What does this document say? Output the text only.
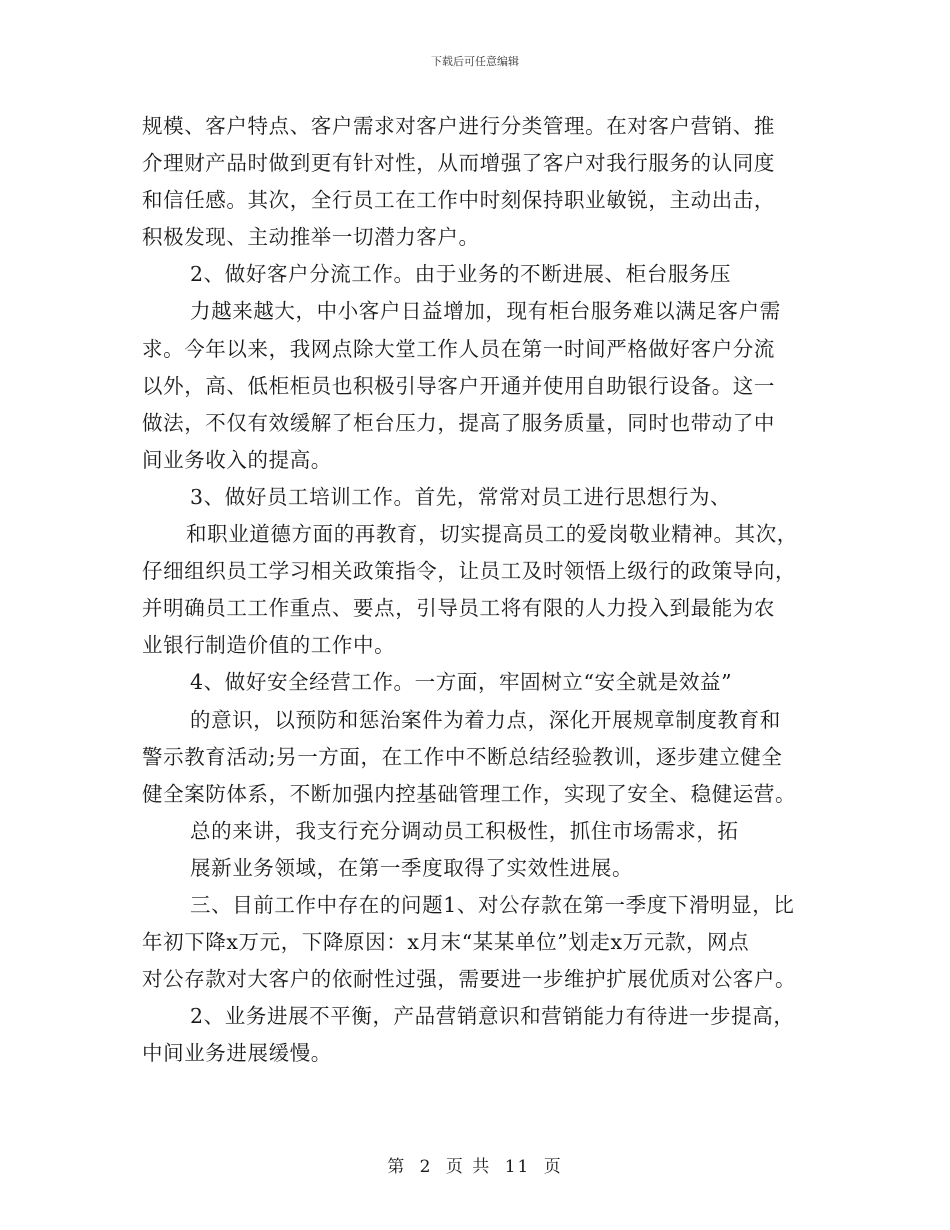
下载后可任意编辑
规模、客户特点、客户需求对客户进行分类管理。在对客户营销、推
介理财产品时做到更有针对性，从而增强了客户对我行服务的认同度
和信任感。其次，全行员工在工作中时刻保持职业敏锐，主动出击，
积极发现、主动推举一切潜力客户。
2、做好客户分流工作。由于业务的不断进展、柜台服务压
力越来越大，中小客户日益增加，现有柜台服务难以满足客户需
求。今年以来，我网点除大堂工作人员在第一时间严格做好客户分流
以外，高、低柜柜员也积极引导客户开通并使用自助银行设备。这一
做法，不仅有效缓解了柜台压力，提高了服务质量，同时也带动了中
间业务收入的提高。
3、做好员工培训工作。首先，常常对员工进行思想行为、
和职业道德方面的再教育，切实提高员工的爱岗敬业精神。其次，
仔细组织员工学习相关政策指令，让员工及时领悟上级行的政策导向，
并明确员工工作重点、要点，引导员工将有限的人力投入到最能为农
业银行制造价值的工作中。
4、做好安全经营工作。一方面，牢固树立“安全就是效益”
的意识，以预防和惩治案件为着力点，深化开展规章制度教育和
警示教育活动;另一方面，在工作中不断总结经验教训，逐步建立健全
健全案防体系，不断加强内控基础管理工作，实现了安全、稳健运营。
总的来讲，我支行充分调动员工积极性，抓住市场需求，拓
展新业务领域，在第一季度取得了实效性进展。
三、目前工作中存在的问题1、对公存款在第一季度下滑明显，比
年初下降x万元，下降原因：x月末“某某单位”划走x万元款，网点
对公存款对大客户的依耐性过强，需要进一步维护扩展优质对公客户。
2、业务进展不平衡，产品营销意识和营销能力有待进一步提高，
中间业务进展缓慢。
第 2 页 共 11 页
